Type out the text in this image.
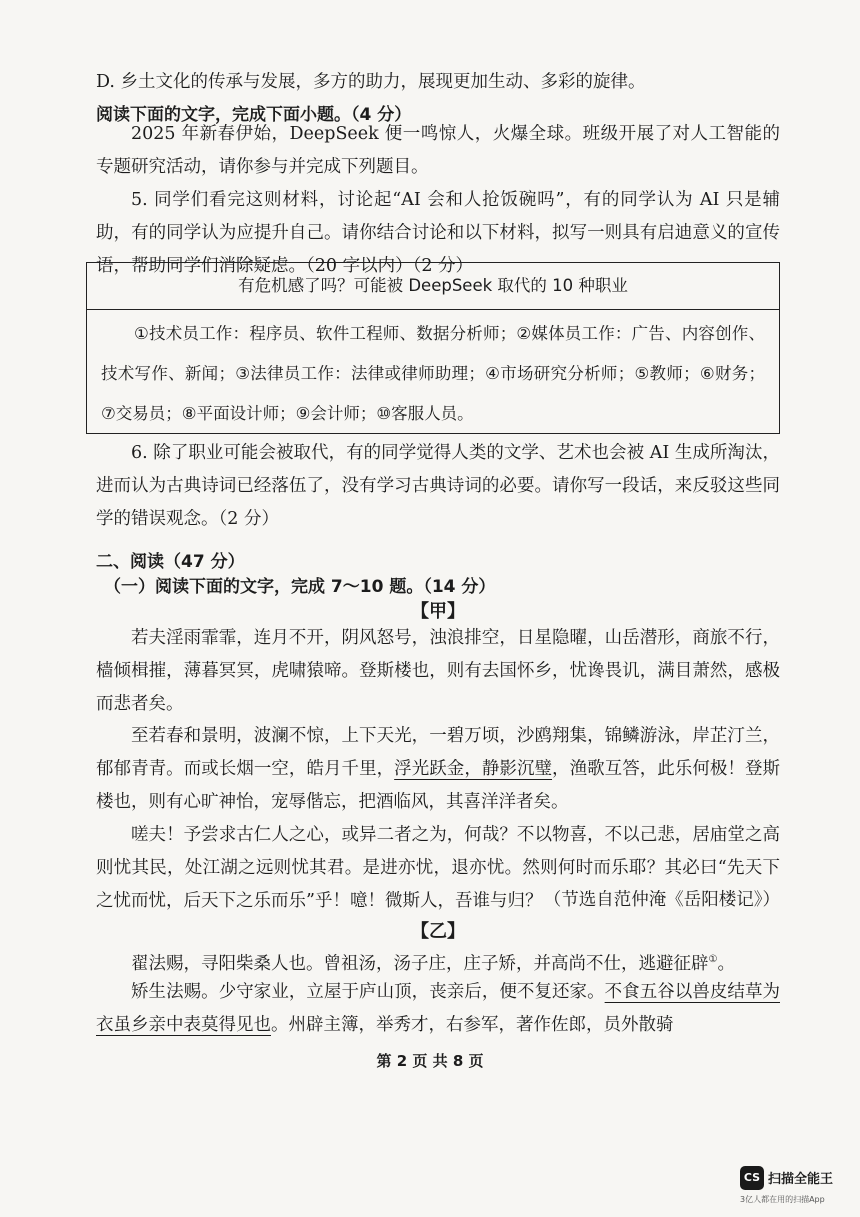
D. 乡土文化的传承与发展，多方的助力，展现更加生动、多彩的旋律。

阅读下面的文字，完成下面小题。（4 分）

2025 年新春伊始，DeepSeek 便一鸣惊人，火爆全球。班级开展了对人工智能的专题研究活动，请你参与并完成下列题目。

5. 同学们看完这则材料，讨论起“AI 会和人抢饭碗吗”，有的同学认为 AI 只是辅助，有的同学认为应提升自己。请你结合讨论和以下材料，拟写一则具有启迪意义的宣传语，帮助同学们消除疑虑。（20 字以内）（2 分）

有危机感了吗？可能被 DeepSeek 取代的 10 种职业
①技术员工作：程序员、软件工程师、数据分析师；②媒体员工作：广告、内容创作、技术写作、新闻；③法律员工作：法律或律师助理；④市场研究分析师；⑤教师；⑥财务；⑦交易员；⑧平面设计师；⑨会计师；⑩客服人员。

6. 除了职业可能会被取代，有的同学觉得人类的文学、艺术也会被 AI 生成所淘汰，进而认为古典诗词已经落伍了，没有学习古典诗词的必要。请你写一段话，来反驳这些同学的错误观念。（2 分）

二、阅读（47 分）

（一）阅读下面的文字，完成 7～10 题。（14 分）

【甲】

若夫淫雨霏霏，连月不开，阴风怒号，浊浪排空，日星隐曜，山岳潜形，商旅不行，樯倾楫摧，薄暮冥冥，虎啸猿啼。登斯楼也，则有去国怀乡，忧谗畏讥，满目萧然，感极而悲者矣。

至若春和景明，波澜不惊，上下天光，一碧万顷，沙鸥翔集，锦鳞游泳，岸芷汀兰，郁郁青青。而或长烟一空，皓月千里，浮光跃金，静影沉璧，渔歌互答，此乐何极！登斯楼也，则有心旷神怡，宠辱偕忘，把酒临风，其喜洋洋者矣。

嗟夫！予尝求古仁人之心，或异二者之为，何哉？不以物喜，不以己悲，居庙堂之高则忧其民，处江湖之远则忧其君。是进亦忧，退亦忧。然则何时而乐耶？其必曰“先天下之忧而忧，后天下之乐而乐”乎！噫！微斯人，吾谁与归？ （节选自范仲淹《岳阳楼记》）

【乙】

翟法赐，寻阳柴桑人也。曾祖汤，汤子庄，庄子矫，并高尚不仕，逃避征辟①。

矫生法赐。少守家业，立屋于庐山顶，丧亲后，便不复还家。不食五谷以兽皮结草为衣虽乡亲中表莫得见也。州辟主簿，举秀才，右参军，著作佐郎，员外散骑

第 2 页 共 8 页
CS 扫描全能王
3亿人都在用的扫描App
